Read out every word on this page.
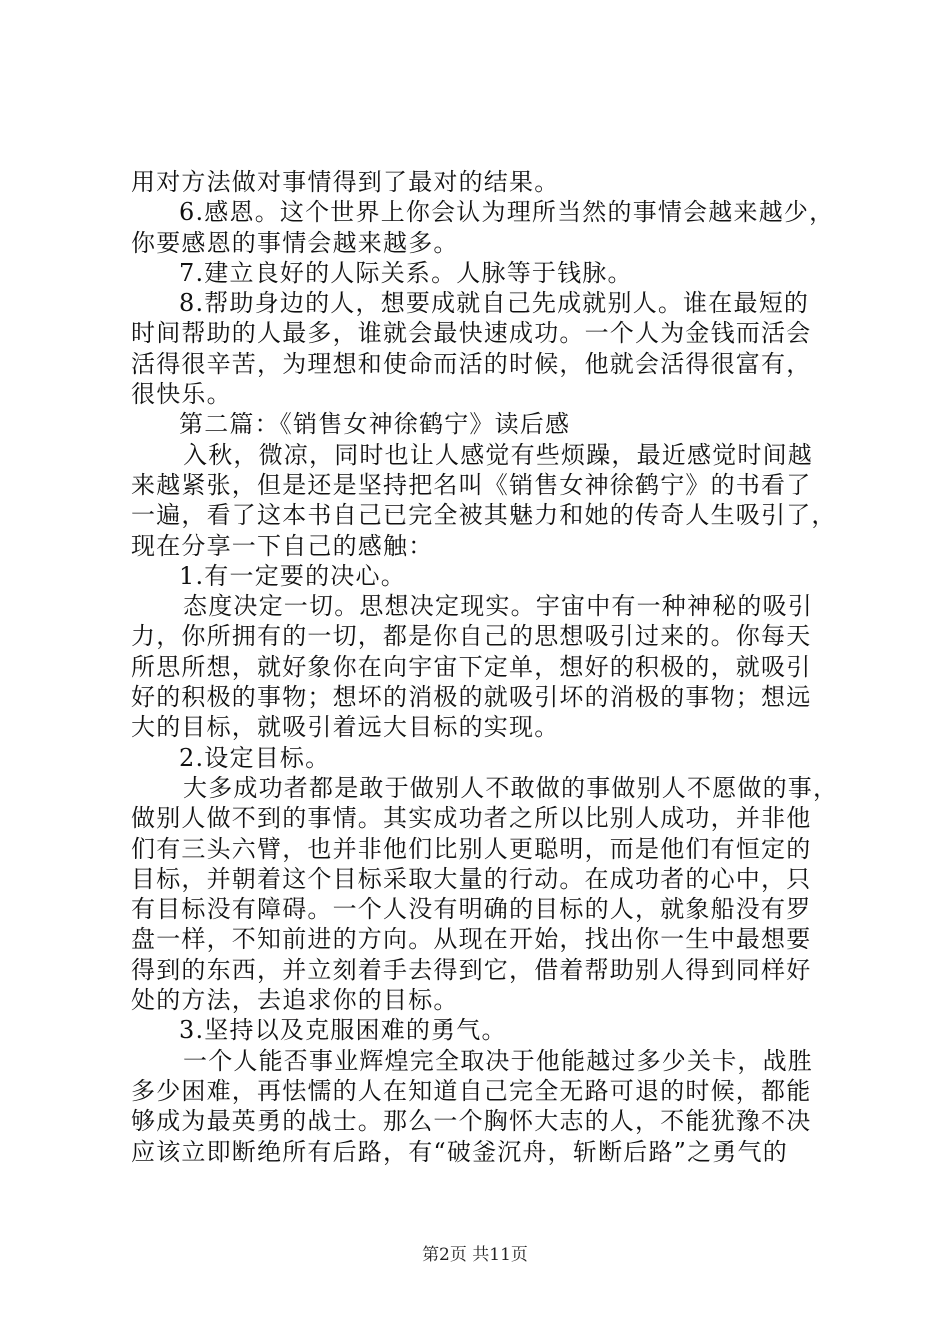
用对方法做对事情得到了最对的结果。
6.感恩。这个世界上你会认为理所当然的事情会越来越少，
你要感恩的事情会越来越多。
7.建立良好的人际关系。人脉等于钱脉。
8.帮助身边的人，想要成就自己先成就别人。谁在最短的
时间帮助的人最多，谁就会最快速成功。一个人为金钱而活会
活得很辛苦，为理想和使命而活的时候，他就会活得很富有，
很快乐。
第二篇：《销售女神徐鹤宁》读后感
入秋，微凉，同时也让人感觉有些烦躁，最近感觉时间越
来越紧张，但是还是坚持把名叫《销售女神徐鹤宁》的书看了
一遍，看了这本书自己已完全被其魅力和她的传奇人生吸引了，
现在分享一下自己的感触：
1.有一定要的决心。
态度决定一切。思想决定现实。宇宙中有一种神秘的吸引
力，你所拥有的一切，都是你自己的思想吸引过来的。你每天
所思所想，就好象你在向宇宙下定单，想好的积极的，就吸引
好的积极的事物；想坏的消极的就吸引坏的消极的事物；想远
大的目标，就吸引着远大目标的实现。
2.设定目标。
大多成功者都是敢于做别人不敢做的事做别人不愿做的事，
做别人做不到的事情。其实成功者之所以比别人成功，并非他
们有三头六臂，也并非他们比别人更聪明，而是他们有恒定的
目标，并朝着这个目标采取大量的行动。在成功者的心中，只
有目标没有障碍。一个人没有明确的目标的人，就象船没有罗
盘一样，不知前进的方向。从现在开始，找出你一生中最想要
得到的东西，并立刻着手去得到它，借着帮助别人得到同样好
处的方法，去追求你的目标。
3.坚持以及克服困难的勇气。
一个人能否事业辉煌完全取决于他能越过多少关卡，战胜
多少困难，再怯懦的人在知道自己完全无路可退的时候，都能
够成为最英勇的战士。那么一个胸怀大志的人，不能犹豫不决
应该立即断绝所有后路，有“破釜沉舟，斩断后路”之勇气的
第2页 共11页
